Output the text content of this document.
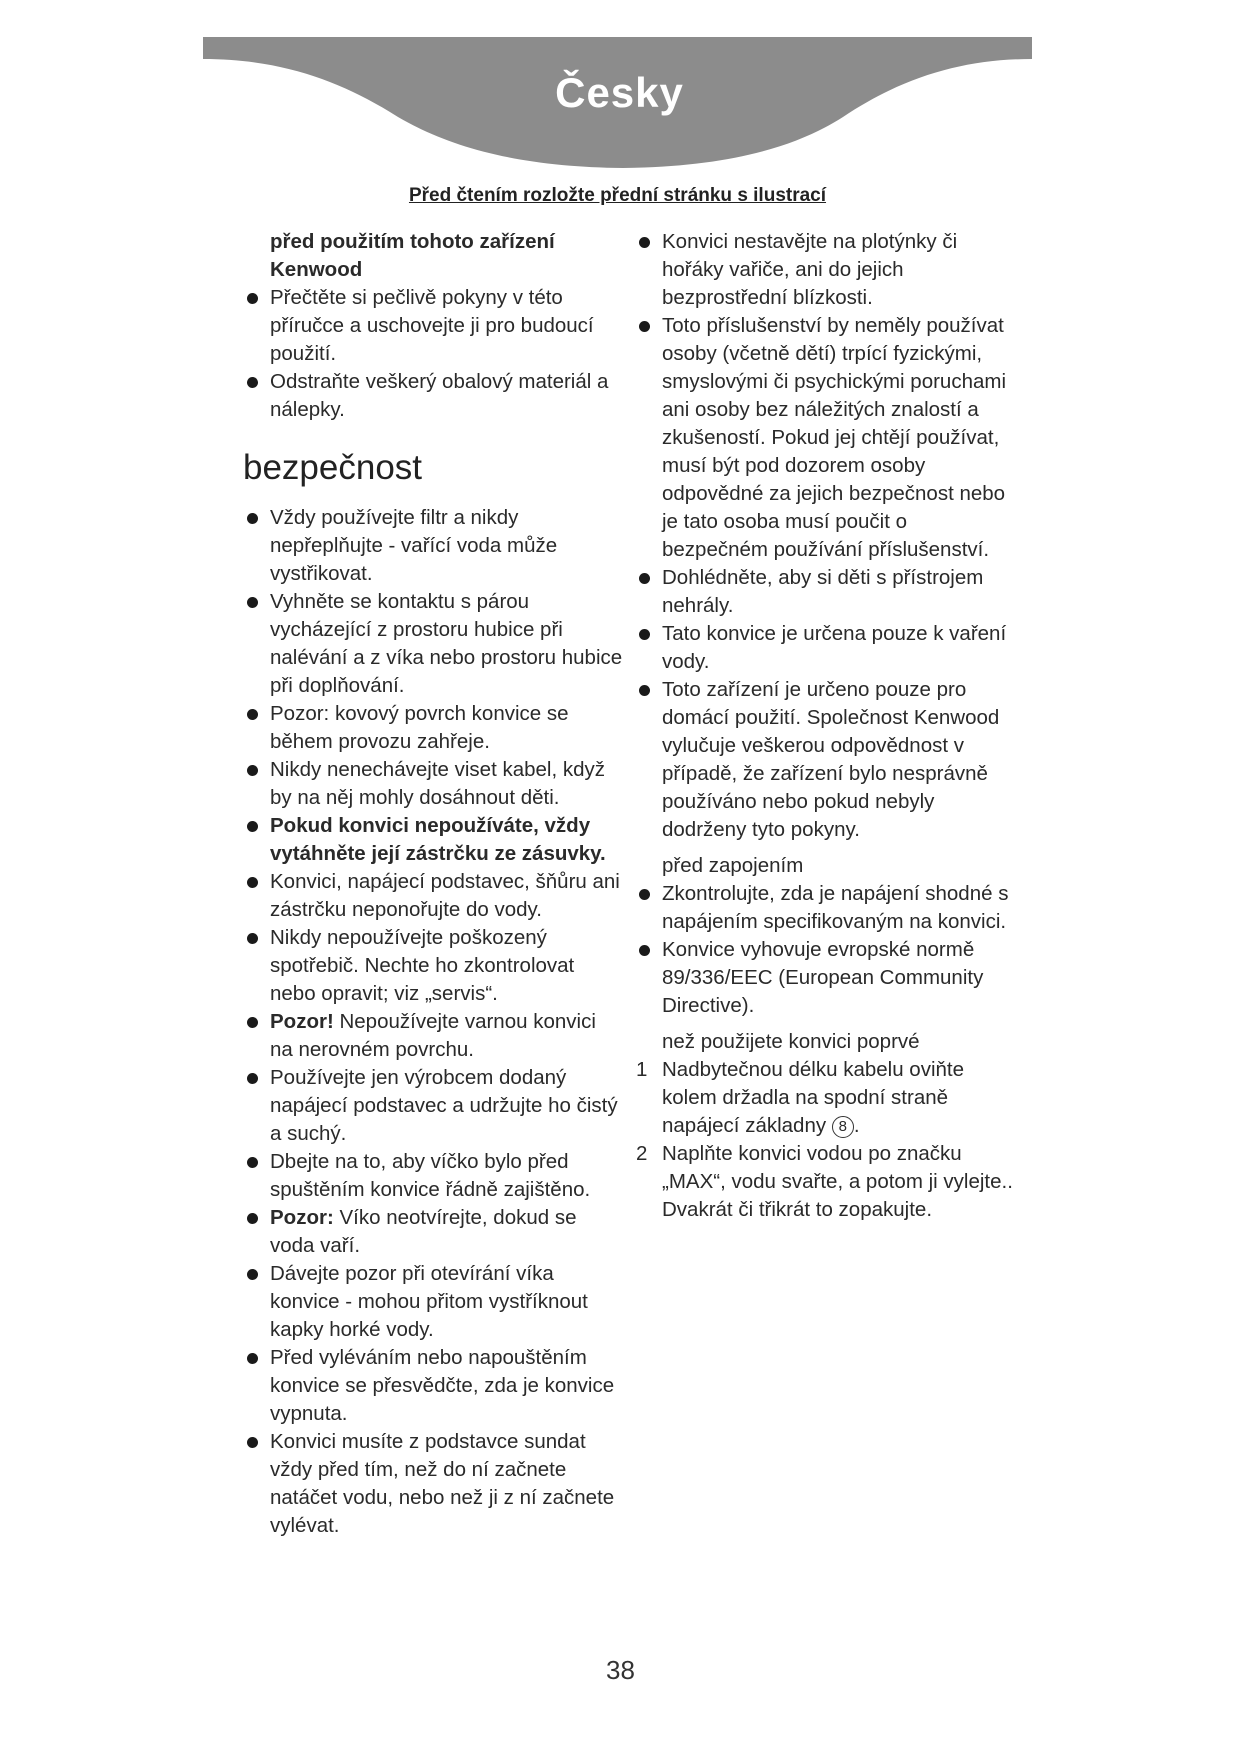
Česky
Před čtením rozložte přední stránku s ilustrací
před použitím tohoto zařízení Kenwood
Přečtěte si pečlivě pokyny v této příručce a uschovejte ji pro budoucí použití.
Odstraňte veškerý obalový materiál a nálepky.
bezpečnost
Vždy používejte filtr a nikdy nepřeplňujte - vařící voda může vystřikovat.
Vyhněte se kontaktu s párou vycházející z prostoru hubice při nalévání a z víka nebo prostoru hubice při doplňování.
Pozor: kovový povrch konvice se během provozu zahřeje.
Nikdy nenechávejte viset kabel, když by na něj mohly dosáhnout děti.
Pokud konvici nepoužíváte, vždy vytáhněte její zástrčku ze zásuvky.
Konvici, napájecí podstavec, šňůru ani zástrčku neponořujte do vody.
Nikdy nepoužívejte poškozený spotřebič. Nechte ho zkontrolovat nebo opravit; viz „servis“.
Pozor! Nepoužívejte varnou konvici na nerovném povrchu.
Používejte jen výrobcem dodaný napájecí podstavec a udržujte ho čistý a suchý.
Dbejte na to, aby víčko bylo před spuštěním konvice řádně zajištěno.
Pozor: Víko neotvírejte, dokud se voda vaří.
Dávejte pozor při otevírání víka konvice - mohou přitom vystříknout kapky horké vody.
Před vyléváním nebo napouštěním konvice se přesvědčte, zda je konvice vypnuta.
Konvici musíte z podstavce sundat vždy před tím, než do ní začnete natáčet vodu, nebo než ji z ní začnete vylévat.
Konvici nestavějte na plotýnky či hořáky vařiče, ani do jejich bezprostřední blízkosti.
Toto příslušenství by neměly používat osoby (včetně dětí) trpící fyzickými, smyslovými či psychickými poruchami ani osoby bez náležitých znalostí a zkušeností. Pokud jej chtějí používat, musí být pod dozorem osoby odpovědné za jejich bezpečnost nebo je tato osoba musí poučit o bezpečném používání příslušenství.
Dohlédněte, aby si děti s přístrojem nehrály.
Tato konvice je určena pouze k vaření vody.
Toto zařízení je určeno pouze pro domácí použití. Společnost Kenwood vylučuje veškerou odpovědnost v případě, že zařízení bylo nesprávně používáno nebo pokud nebyly dodrženy tyto pokyny.
před zapojením
Zkontrolujte, zda je napájení shodné s napájením specifikovaným na konvici.
Konvice vyhovuje evropské normě 89/336/EEC (European Community Directive).
než použijete konvici poprvé
1 Nadbytečnou délku kabelu oviňte kolem držadla na spodní straně napájecí základny 8 .
2 Naplňte konvici vodou po značku „MAX“, vodu svařte, a potom ji vylejte.. Dvakrát či třikrát to zopakujte.
38
